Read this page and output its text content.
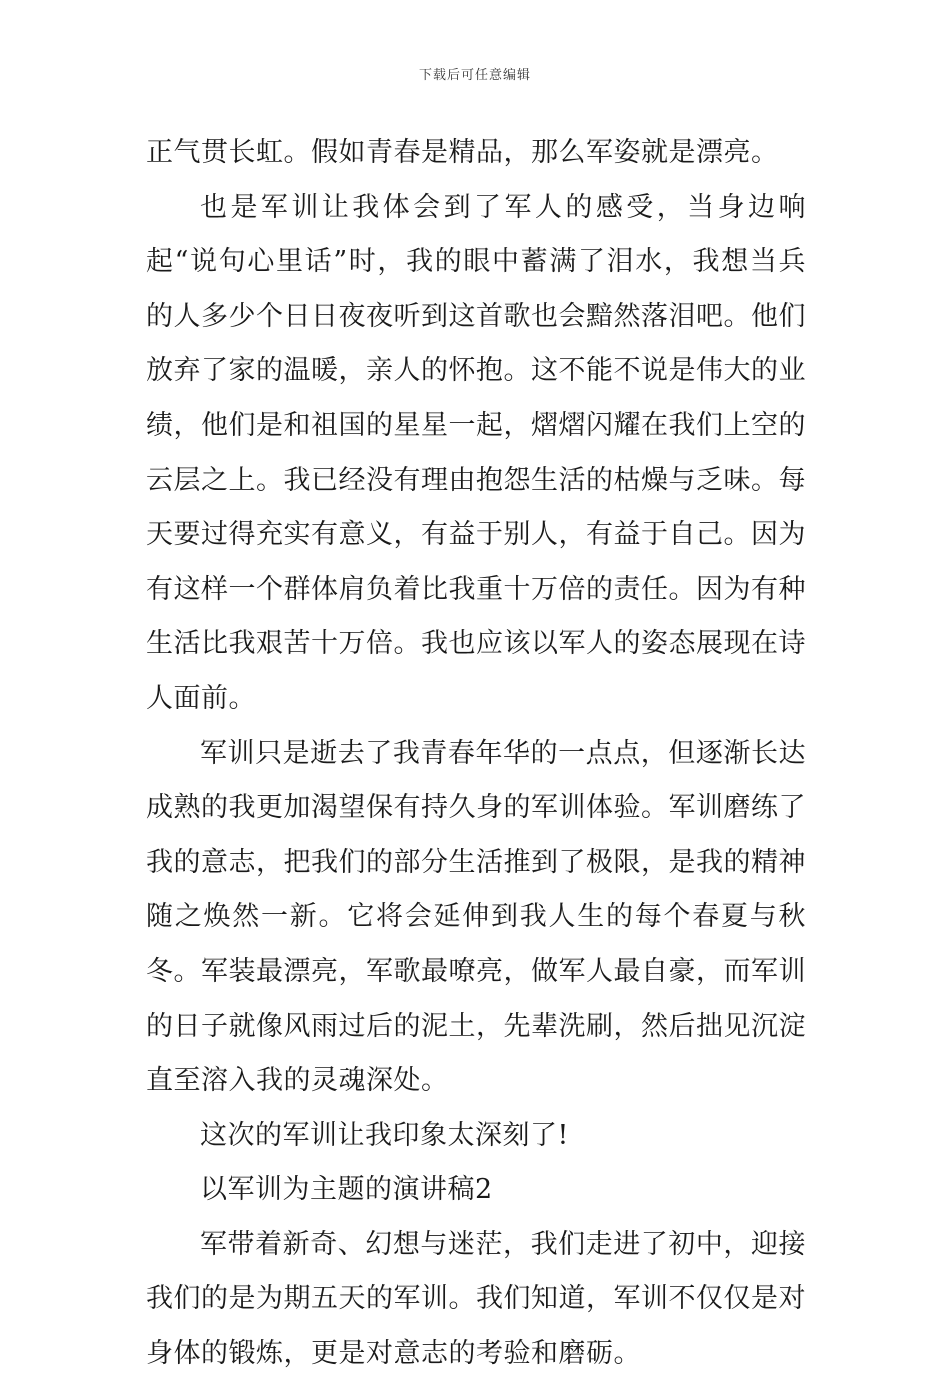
下载后可任意编辑

正气贯长虹。假如青春是精品，那么军姿就是漂亮。

也是军训让我体会到了军人的感受，当身边响起“说句心里话”时，我的眼中蓄满了泪水，我想当兵的人多少个日日夜夜听到这首歌也会黯然落泪吧。他们放弃了家的温暖，亲人的怀抱。这不能不说是伟大的业绩，他们是和祖国的星星一起，熠熠闪耀在我们上空的云层之上。我已经没有理由抱怨生活的枯燥与乏味。每天要过得充实有意义，有益于别人，有益于自己。因为有这样一个群体肩负着比我重十万倍的责任。因为有种生活比我艰苦十万倍。我也应该以军人的姿态展现在诗人面前。

军训只是逝去了我青春年华的一点点，但逐渐长达成熟的我更加渴望保有持久身的军训体验。军训磨练了我的意志，把我们的部分生活推到了极限，是我的精神随之焕然一新。它将会延伸到我人生的每个春夏与秋冬。军装最漂亮，军歌最嘹亮，做军人最自豪，而军训的日子就像风雨过后的泥土，先辈洗刷，然后拙见沉淀直至溶入我的灵魂深处。

这次的军训让我印象太深刻了!

以军训为主题的演讲稿2

军带着新奇、幻想与迷茫，我们走进了初中，迎接我们的是为期五天的军训。我们知道，军训不仅仅是对身体的锻炼，更是对意志的考验和磨砺。
